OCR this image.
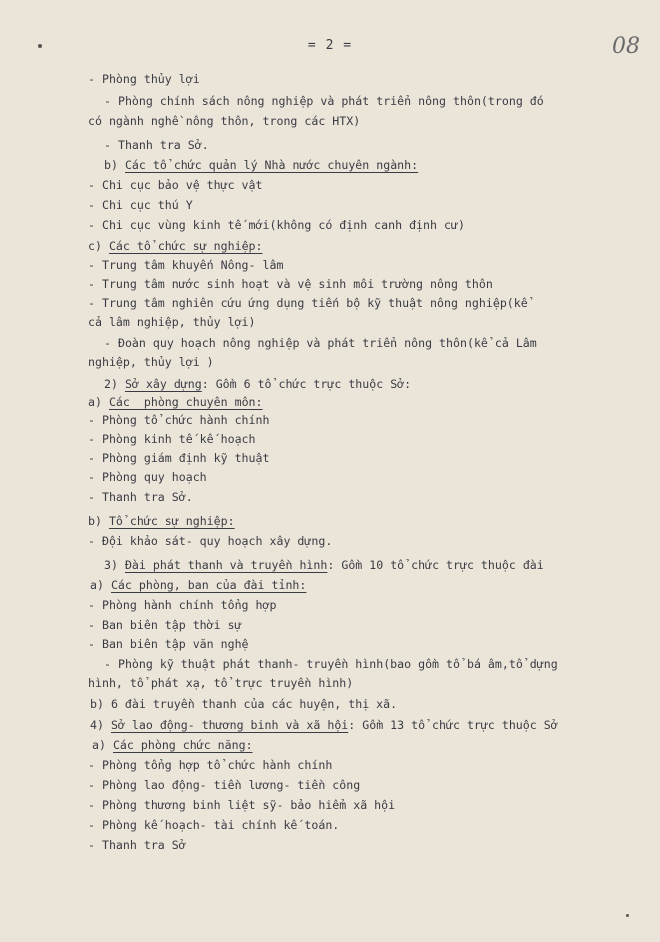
= 2 =	08
- Phòng thủy lợi
- Phòng chính sách nông nghiệp và phát triển nông thôn(trong đó
có ngành nghề nông thôn, trong các HTX)
- Thanh tra Sở.
b) Các tổ chức quản lý Nhà nước chuyên ngành:
- Chi cục bảo vệ thực vật
- Chi cục thú Y
- Chi cục vùng kinh tế mới(không có định canh định cư)
c) Các tổ chức sự nghiệp:
- Trung tâm khuyến Nông- lâm
- Trung tâm nước sinh hoạt và vệ sinh môi trường nông thôn
- Trung tâm nghiên cứu ứng dụng tiến bộ kỹ thuật nông nghiệp(kể
cả lâm nghiệp, thủy lợi)
- Đoàn quy hoạch nông nghiệp và phát triển nông thôn(kể cả Lâm
nghiệp, thủy lợi )
2) Sở xây dựng: Gồm 6 tổ chức trực thuộc Sở:
a) Các  phòng chuyên môn:
- Phòng tổ chức hành chính
- Phòng kinh tế kế hoạch
- Phòng giám định kỹ thuật
- Phòng quy hoạch
- Thanh tra Sở.
b) Tổ chức sự nghiệp:
- Đội khảo sát- quy hoạch xây dựng.
3) Đài phát thanh và truyền hình: Gồm 10 tổ chức trực thuộc đài
a) Các phòng, ban của đài tỉnh:
- Phòng hành chính tổng hợp
- Ban biên tập thời sự
- Ban biên tập văn nghệ
- Phòng kỹ thuật phát thanh- truyền hình(bao gồm tổ bá âm,tổ dựng
hình, tổ phát xạ, tổ trực truyền hình)
b) 6 đài truyền thanh của các huyện, thị xã.
4) Sở lao động- thương binh và xã hội: Gồm 13 tổ chức trực thuộc Sở
a) Các phòng chức năng:
- Phòng tổng hợp tổ chức hành chính
- Phòng lao động- tiền lương- tiền công
- Phòng thương binh liệt sỹ- bảo hiểm xã hội
- Phòng kế hoạch- tài chính kế toán.
- Thanh tra Sở
